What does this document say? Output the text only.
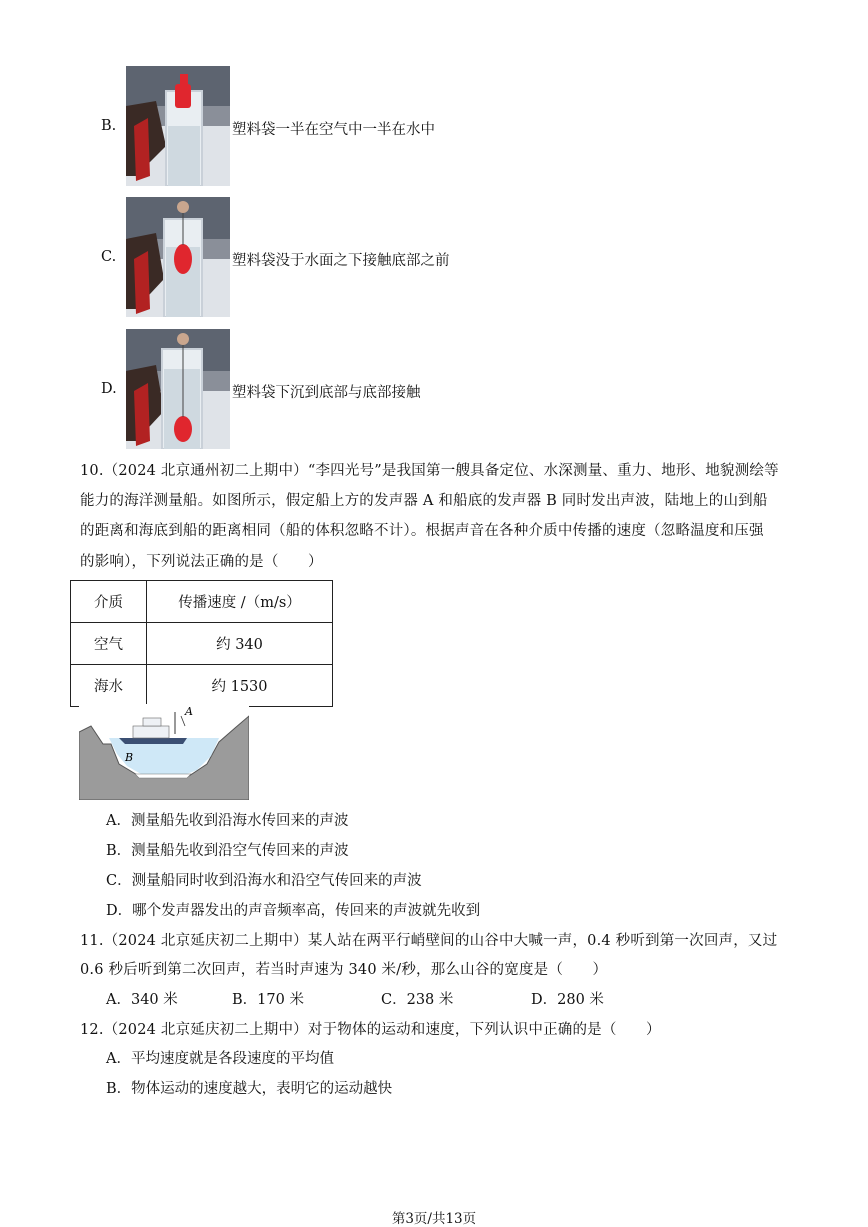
B.	塑料袋一半在空气中一半在水中
C.	塑料袋没于水面之下接触底部之前
D.	塑料袋下沉到底部与底部接触
10.（2024 北京通州初二上期中）“李四光号”是我国第一艘具备定位、水深测量、重力、地形、地貌测绘等
能力的海洋测量船。如图所示，假定船上方的发声器 A 和船底的发声器 B 同时发出声波，陆地上的山到船
的距离和海底到船的距离相同（船的体积忽略不计）。根据声音在各种介质中传播的速度（忽略温度和压强
的影响），下列说法正确的是（　　）
介质	传播速度 /（m/s）
空气	约 340
海水	约 1530
A
B
A．测量船先收到沿海水传回来的声波
B．测量船先收到沿空气传回来的声波
C．测量船同时收到沿海水和沿空气传回来的声波
D．哪个发声器发出的声音频率高，传回来的声波就先收到
11.（2024 北京延庆初二上期中）某人站在两平行峭壁间的山谷中大喊一声，0.4 秒听到第一次回声，又过
0.6 秒后听到第二次回声，若当时声速为 340 米/秒，那么山谷的宽度是（　　）
A．340 米	B．170 米	C．238 米	D．280 米
12.（2024 北京延庆初二上期中）对于物体的运动和速度，下列认识中正确的是（　　）
A．平均速度就是各段速度的平均值
B．物体运动的速度越大，表明它的运动越快
第3页/共13页
